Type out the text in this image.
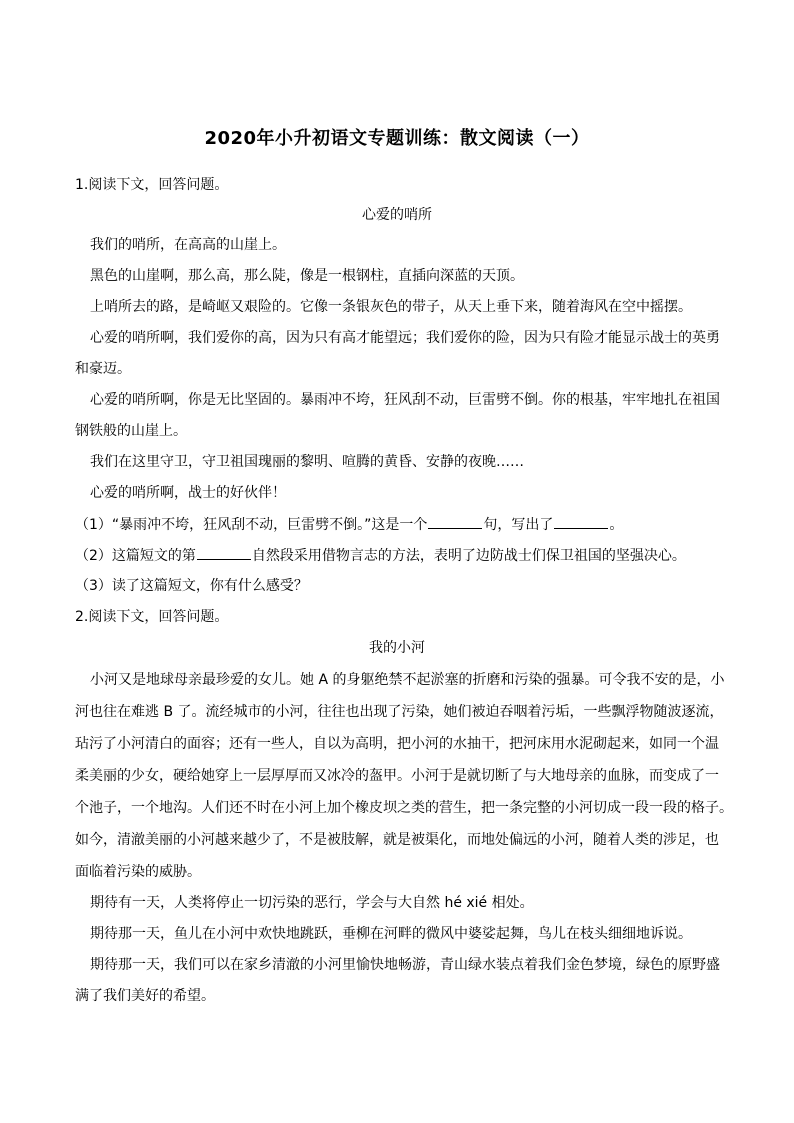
2020年小升初语文专题训练：散文阅读（一）
1.阅读下文，回答问题。
心爱的哨所
我们的哨所，在高高的山崖上。
黑色的山崖啊，那么高，那么陡，像是一根钢柱，直插向深蓝的天顶。
上哨所去的路，是崎岖又艰险的。它像一条银灰色的带子，从天上垂下来，随着海风在空中摇摆。
心爱的哨所啊，我们爱你的高，因为只有高才能望远；我们爱你的险，因为只有险才能显示战士的英勇
和豪迈。
心爱的哨所啊，你是无比坚固的。暴雨冲不垮，狂风刮不动，巨雷劈不倒。你的根基，牢牢地扎在祖国
钢铁般的山崖上。
我们在这里守卫，守卫祖国瑰丽的黎明、喧腾的黄昏、安静的夜晚……
心爱的哨所啊，战士的好伙伴！
（1）“暴雨冲不垮，狂风刮不动，巨雷劈不倒。”这是一个	句，写出了	。
（2）这篇短文的第	自然段采用借物言志的方法，表明了边防战士们保卫祖国的坚强决心。
（3）读了这篇短文，你有什么感受？
2.阅读下文，回答问题。
我的小河
小河又是地球母亲最珍爱的女儿。她 A 的身躯绝禁不起淤塞的折磨和污染的强暴。可令我不安的是，小
河也往在难逃 B 了。流经城市的小河，往往也出现了污染，她们被迫吞咽着污垢，一些飘浮物随波逐流，
玷污了小河清白的面容；还有一些人，自以为高明，把小河的水抽干，把河床用水泥砌起来，如同一个温
柔美丽的少女，硬给她穿上一层厚厚而又冰冷的盔甲。小河于是就切断了与大地母亲的血脉，而变成了一
个池子，一个地沟。人们还不时在小河上加个橡皮坝之类的营生，把一条完整的小河切成一段一段的格子。
如今，清澈美丽的小河越来越少了，不是被肢解，就是被渠化，而地处偏远的小河，随着人类的涉足，也
面临着污染的威胁。
期待有一天，人类将停止一切污染的恶行，学会与大自然 hé xié 相处。
期待那一天，鱼儿在小河中欢快地跳跃，垂柳在河畔的微风中婆娑起舞，鸟儿在枝头细细地诉说。
期待那一天，我们可以在家乡清澈的小河里愉快地畅游，青山绿水装点着我们金色梦境，绿色的原野盛
满了我们美好的希望。
